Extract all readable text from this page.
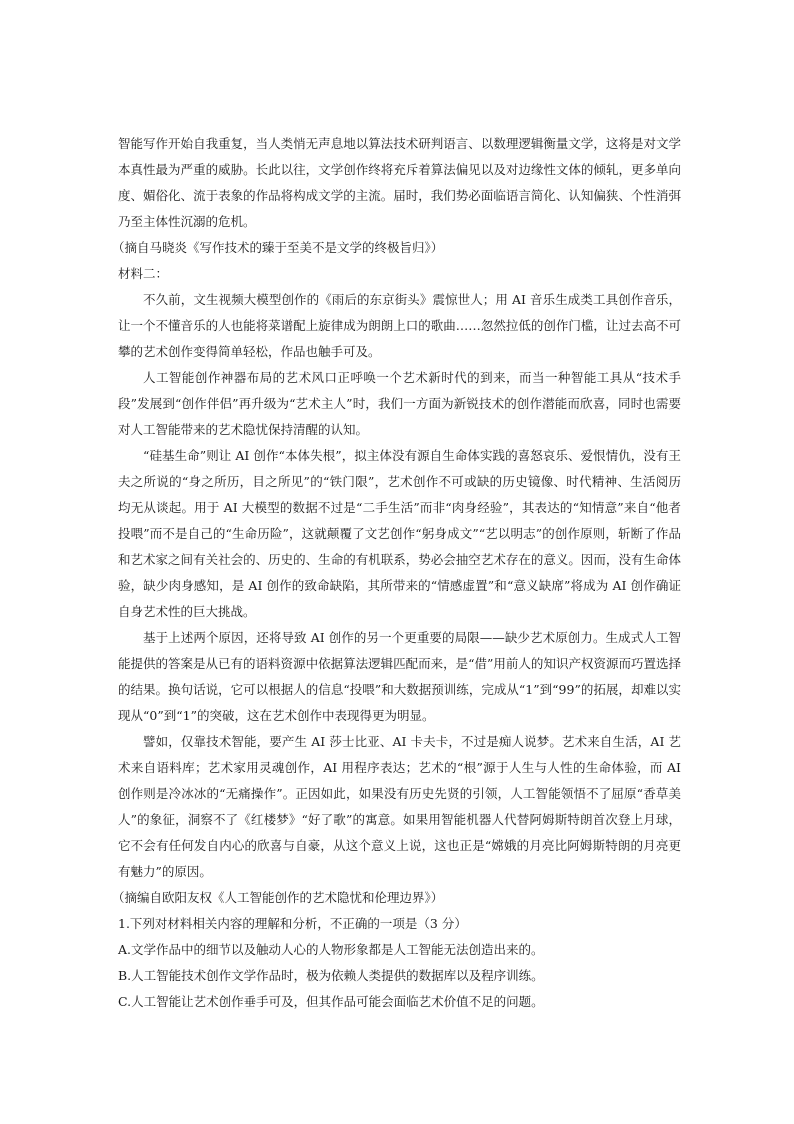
智能写作开始自我重复，当人类悄无声息地以算法技术研判语言、以数理逻辑衡量文学，这将是对文学本真性最为严重的威胁。长此以往，文学创作终将充斥着算法偏见以及对边缘性文体的倾轧，更多单向度、媚俗化、流于表象的作品将构成文学的主流。届时，我们势必面临语言简化、认知偏狭、个性消弭乃至主体性沉溺的危机。

（摘自马晓炎《写作技术的臻于至美不是文学的终极旨归》）

材料二：

不久前，文生视频大模型创作的《雨后的东京街头》震惊世人；用 AI 音乐生成类工具创作音乐，让一个不懂音乐的人也能将菜谱配上旋律成为朗朗上口的歌曲……忽然拉低的创作门槛，让过去高不可攀的艺术创作变得简单轻松，作品也触手可及。

人工智能创作神器布局的艺术风口正呼唤一个艺术新时代的到来，而当一种智能工具从“技术手段”发展到“创作伴侣”再升级为“艺术主人”时，我们一方面为新锐技术的创作潜能而欣喜，同时也需要对人工智能带来的艺术隐忧保持清醒的认知。

“硅基生命”则让 AI 创作“本体失根”，拟主体没有源自生命体实践的喜怒哀乐、爱恨情仇，没有王夫之所说的“身之所历，目之所见”的“铁门限”，艺术创作不可或缺的历史镜像、时代精神、生活阅历均无从谈起。用于 AI 大模型的数据不过是“二手生活”而非“肉身经验”，其表达的“知情意”来自“他者投喂”而不是自己的“生命历险”，这就颠覆了文艺创作“躬身成文”“艺以明志”的创作原则，斩断了作品和艺术家之间有关社会的、历史的、生命的有机联系，势必会抽空艺术存在的意义。因而，没有生命体验，缺少肉身感知，是 AI 创作的致命缺陷，其所带来的“情感虚置”和“意义缺席”将成为 AI 创作确证自身艺术性的巨大挑战。

基于上述两个原因，还将导致 AI 创作的另一个更重要的局限——缺少艺术原创力。生成式人工智能提供的答案是从已有的语料资源中依据算法逻辑匹配而来，是“借”用前人的知识产权资源而巧置选择的结果。换句话说，它可以根据人的信息“投喂”和大数据预训练，完成从“1”到“99”的拓展，却难以实现从“0”到“1”的突破，这在艺术创作中表现得更为明显。

譬如，仅靠技术智能，要产生 AI 莎士比亚、AI 卡夫卡，不过是痴人说梦。艺术来自生活，AI 艺术来自语料库；艺术家用灵魂创作，AI 用程序表达；艺术的“根”源于人生与人性的生命体验，而 AI 创作则是冷冰冰的“无痛操作”。正因如此，如果没有历史先贤的引领，人工智能领悟不了屈原“香草美人”的象征，洞察不了《红楼梦》“好了歌”的寓意。如果用智能机器人代替阿姆斯特朗首次登上月球，它不会有任何发自内心的欣喜与自豪，从这个意义上说，这也正是“嫦娥的月亮比阿姆斯特朗的月亮更有魅力”的原因。

（摘编自欧阳友权《人工智能创作的艺术隐忧和伦理边界》）

1.下列对材料相关内容的理解和分析，不正确的一项是（3 分）

A.文学作品中的细节以及触动人心的人物形象都是人工智能无法创造出来的。

B.人工智能技术创作文学作品时，极为依赖人类提供的数据库以及程序训练。

C.人工智能让艺术创作垂手可及，但其作品可能会面临艺术价值不足的问题。
